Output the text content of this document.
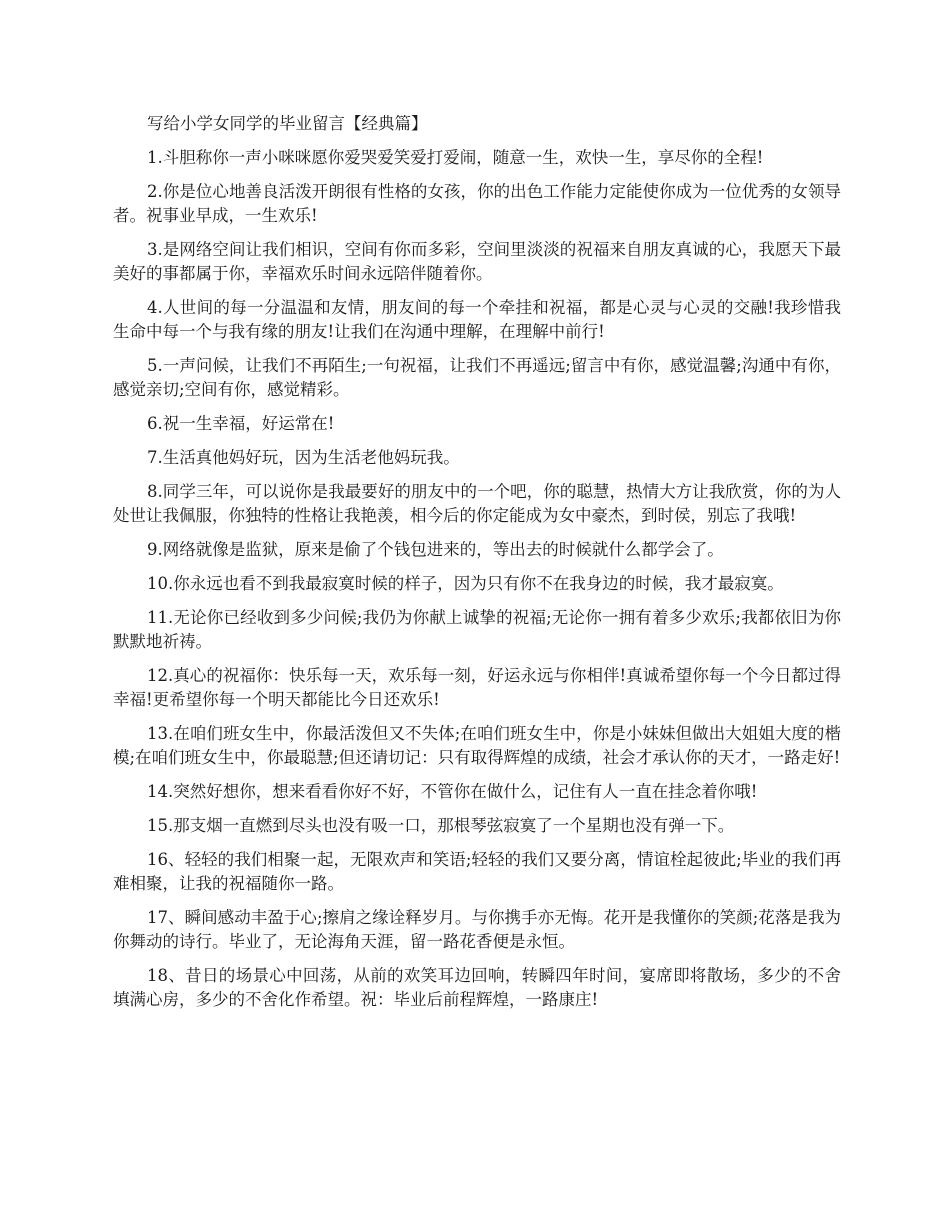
写给小学女同学的毕业留言【经典篇】

1.斗胆称你一声小咪咪愿你爱哭爱笑爱打爱闹，随意一生，欢快一生，享尽你的全程!

2.你是位心地善良活泼开朗很有性格的女孩，你的出色工作能力定能使你成为一位优秀的女领导者。祝事业早成，一生欢乐!

3.是网络空间让我们相识，空间有你而多彩，空间里淡淡的祝福来自朋友真诚的心，我愿天下最美好的事都属于你，幸福欢乐时间永远陪伴随着你。

4.人世间的每一分温温和友情，朋友间的每一个牵挂和祝福，都是心灵与心灵的交融!我珍惜我生命中每一个与我有缘的朋友!让我们在沟通中理解，在理解中前行!

5.一声问候，让我们不再陌生;一句祝福，让我们不再遥远;留言中有你，感觉温馨;沟通中有你，感觉亲切;空间有你，感觉精彩。

6.祝一生幸福，好运常在!

7.生活真他妈好玩，因为生活老他妈玩我。

8.同学三年，可以说你是我最要好的朋友中的一个吧，你的聪慧，热情大方让我欣赏，你的为人处世让我佩服，你独特的性格让我艳羡，相今后的你定能成为女中豪杰，到时侯，别忘了我哦!

9.网络就像是监狱，原来是偷了个钱包进来的，等出去的时候就什么都学会了。

10.你永远也看不到我最寂寞时候的样子，因为只有你不在我身边的时候，我才最寂寞。

11.无论你已经收到多少问候;我仍为你献上诚挚的祝福;无论你一拥有着多少欢乐;我都依旧为你默默地祈祷。

12.真心的祝福你：快乐每一天，欢乐每一刻，好运永远与你相伴!真诚希望你每一个今日都过得幸福!更希望你每一个明天都能比今日还欢乐!

13.在咱们班女生中，你最活泼但又不失体;在咱们班女生中，你是小妹妹但做出大姐姐大度的楷模;在咱们班女生中，你最聪慧;但还请切记：只有取得辉煌的成绩，社会才承认你的天才，一路走好!

14.突然好想你，想来看看你好不好，不管你在做什么，记住有人一直在挂念着你哦!

15.那支烟一直燃到尽头也没有吸一口，那根琴弦寂寞了一个星期也没有弹一下。

16、轻轻的我们相聚一起，无限欢声和笑语;轻轻的我们又要分离，情谊栓起彼此;毕业的我们再难相聚，让我的祝福随你一路。

17、瞬间感动丰盈于心;擦肩之缘诠释岁月。与你携手亦无悔。花开是我懂你的笑颜;花落是我为你舞动的诗行。毕业了，无论海角天涯，留一路花香便是永恒。

18、昔日的场景心中回荡，从前的欢笑耳边回响，转瞬四年时间，宴席即将散场，多少的不舍填满心房，多少的不舍化作希望。祝：毕业后前程辉煌，一路康庄!
